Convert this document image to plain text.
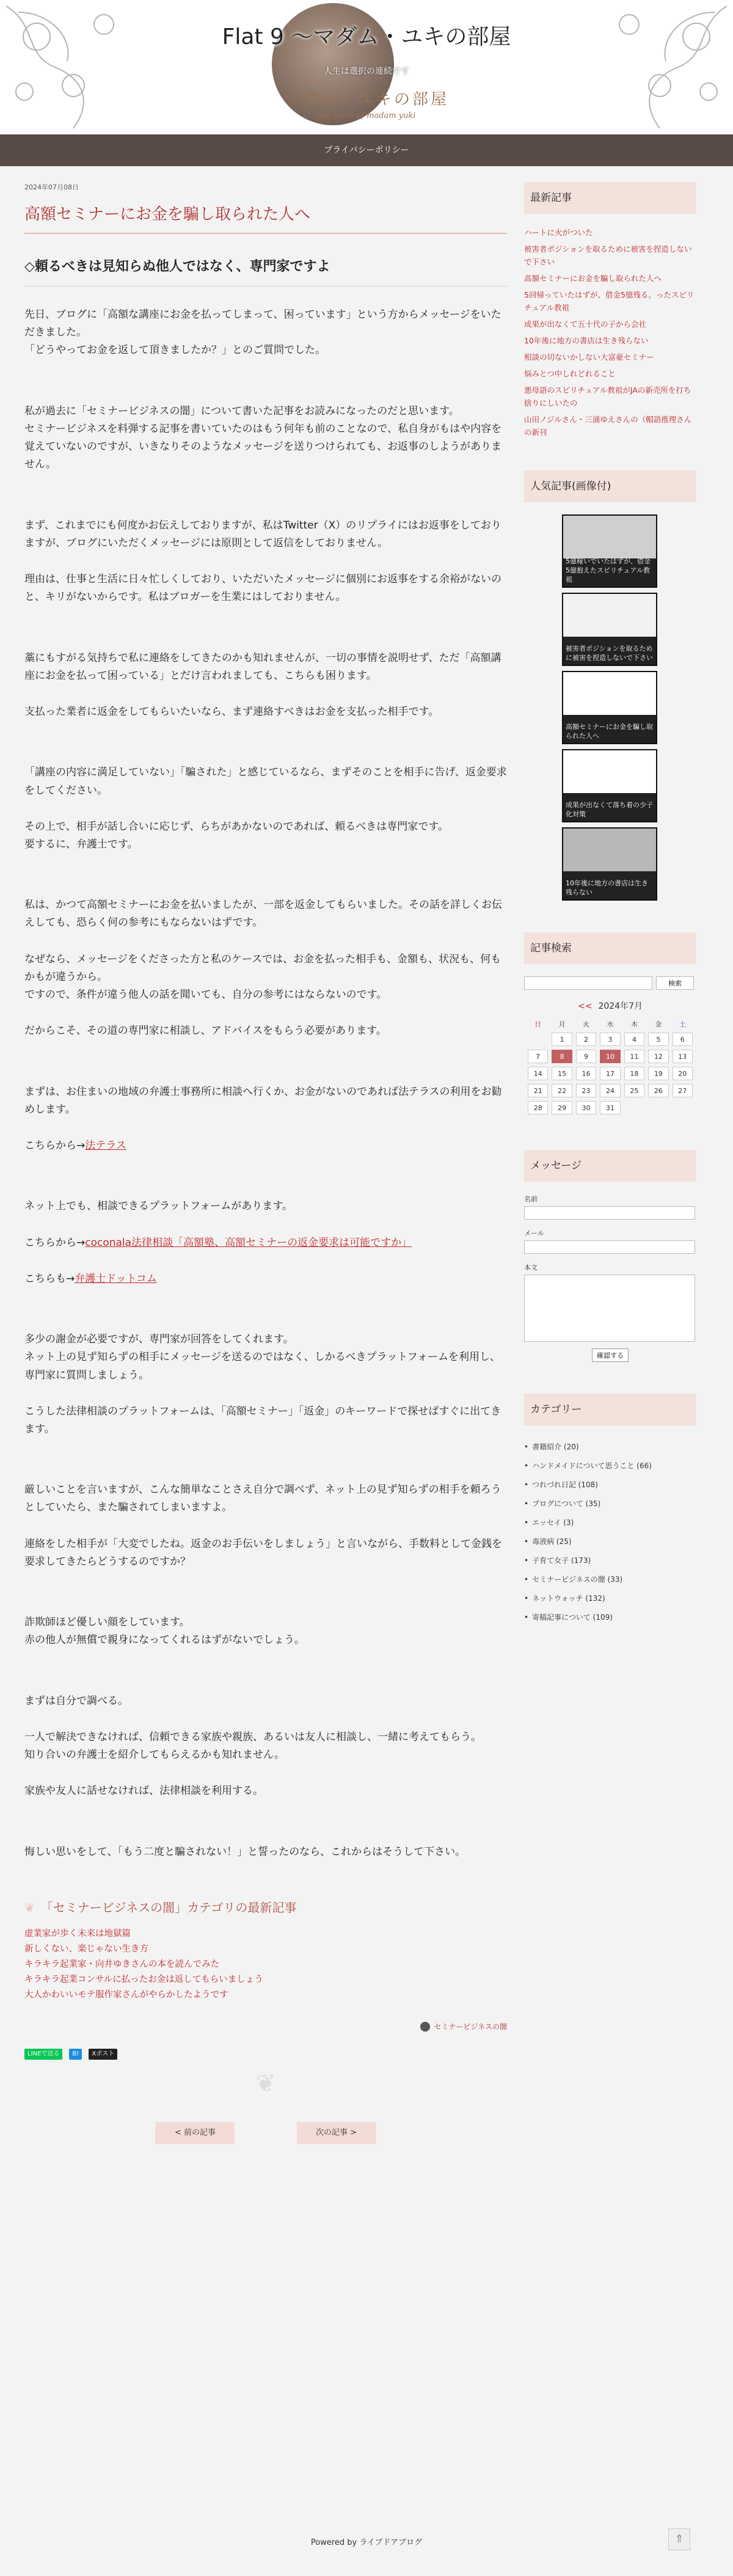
Flat 9 〜マダム・ユキの部屋
人生は選択の連続です
マダム・ユキの部屋
the room of madam yuki
プライバシーポリシー
2024年07月08日
高額セミナーにお金を騙し取られた人へ
◇頼るべきは見知らぬ他人ではなく、専門家ですよ

先日、ブログに「高額な講座にお金を払ってしまって、困っています」という方からメッセージをいただきました。
「どうやってお金を返して頂きましたか？」とのご質問でした。

私が過去に「セミナービジネスの闇」について書いた記事をお読みになったのだと思います。
セミナービジネスを料弾する記事を書いていたのはもう何年も前のことなので、私自身がもはや内容を覚えていないのですが、いきなりそのようなメッセージを送りつけられても、お返事のしようがありません。

まず、これまでにも何度かお伝えしておりますが、私はTwitter（X）のリプライにはお返事をしておりますが、ブログにいただくメッセージには原則として返信をしておりません。

理由は、仕事と生活に日々忙しくしており、いただいたメッセージに個別にお返事をする余裕がないのと、キリがないからです。私はブロガーを生業にはしておりません。

藁にもすがる気持ちで私に連絡をしてきたのかも知れませんが、一切の事情を説明せず、ただ「高額講座にお金を払って困っている」とだけ言われましても、こちらも困ります。

支払った業者に返金をしてもらいたいなら、まず連絡すべきはお金を支払った相手です。

「講座の内容に満足していない」「騙された」と感じているなら、まずそのことを相手に告げ、返金要求をしてください。

その上で、相手が話し合いに応じず、らちがあかないのであれば、頼るべきは専門家です。
要するに、弁護士です。

私は、かつて高額セミナーにお金を払いましたが、一部を返金してもらいました。その話を詳しくお伝えしても、恐らく何の参考にもならないはずです。

なぜなら、メッセージをくださった方と私のケースでは、お金を払った相手も、金額も、状況も、何もかもが違うから。
ですので、条件が違う他人の話を聞いても、自分の参考にはならないのです。

だからこそ、その道の専門家に相談し、アドバイスをもらう必要があります。

まずは、お住まいの地域の弁護士事務所に相談へ行くか、お金がないのであれば法テラスの利用をお勧めします。

こちらから→法テラス

ネット上でも、相談できるプラットフォームがあります。

こちらから→coconala法律相談「高額塾、高額セミナーの返金要求は可能ですか」

こちらも→弁護士ドットコム

多少の謝金が必要ですが、専門家が回答をしてくれます。
ネット上の見ず知らずの相手にメッセージを送るのではなく、しかるべきプラットフォームを利用し、専門家に質問しましょう。

こうした法律相談のプラットフォームは、「高額セミナー」「返金」のキーワードで探せばすぐに出てきます。

厳しいことを言いますが、こんな簡単なことさえ自分で調べず、ネット上の見ず知らずの相手を頼ろうとしていたら、また騙されてしまいますよ。

連絡をした相手が「大変でしたね。返金のお手伝いをしましょう」と言いながら、手数料として金銭を要求してきたらどうするのですか？

詐欺師ほど優しい顔をしています。
赤の他人が無償で親身になってくれるはずがないでしょう。

まずは自分で調べる。

一人で解決できなければ、信頼できる家族や親族、あるいは友人に相談し、一緒に考えてもらう。
知り合いの弁護士を紹介してもらえるかも知れません。

家族や友人に話せなければ、法律相談を利用する。

悔しい思いをして、「もう二度と騙されない！」と誓ったのなら、これからはそうして下さい。

❦ 「セミナービジネスの闇」カテゴリの最新記事
虚業家が歩く未来は地獄篇
新しくない、楽じゃない生き方
キラキラ起業家・向井ゆきさんの本を読んでみた
キラキラ起業コンサルに払ったお金は返してもらいましょう
大人かわいいモテ服作家さんがやらかしたようです
セミナービジネスの闇
LINEで送る B! Xポスト
❦
< 前の記事	次の記事 >
最新記事
ハートに火がついた
被害者ポジションを取るために被害を捏造しないで下さい
高額セミナーにお金を騙し取られた人へ
5回帰っていたはずが、借金5億残る。ったスピリチュアル教祖
成果が出なくて五十代の子から会社
10年後に地方の書店は生き残らない
相談の切ないかしない大富豪セミナー
悩みとつ中しれどれること
悪母語のスピリチュアル教祖がJAの新売所を打ち捨りにしいたの
山田ノジルさん・三浦ゆえさんの（帽語推理さんの新刊
人気記事(画像付)
5億稼いでいたはずが、借金5億抱えたスピリチュアル教祖
被害者ポジションを取るために被害を捏造しないで下さい
高額セミナーにお金を騙し取られた人へ
成果が出なくて落ち着の少子化対策
10年後に地方の書店は生き残らない
記事検索
検索
<< 2024年7月
日	月	火	水	木	金	土
	1	2	3	4	5	6
7	8	9	10	11	12	13
14	15	16	17	18	19	20
21	22	23	24	25	26	27
28	29	30	31			
メッセージ
名前
メール
本文
確認する
カテゴリー
• 書籍紹介 (20)
• ハンドメイドについて思うこと (66)
• つれづれ日記 (108)
• ブログについて (35)
• エッセイ (3)
• 毒液病 (25)
• 子育て女子 (173)
• セミナービジネスの闇 (33)
• ネットウォッチ (132)
• 寄稿記事について (109)
⇑
Powered by ライブドアブログ
